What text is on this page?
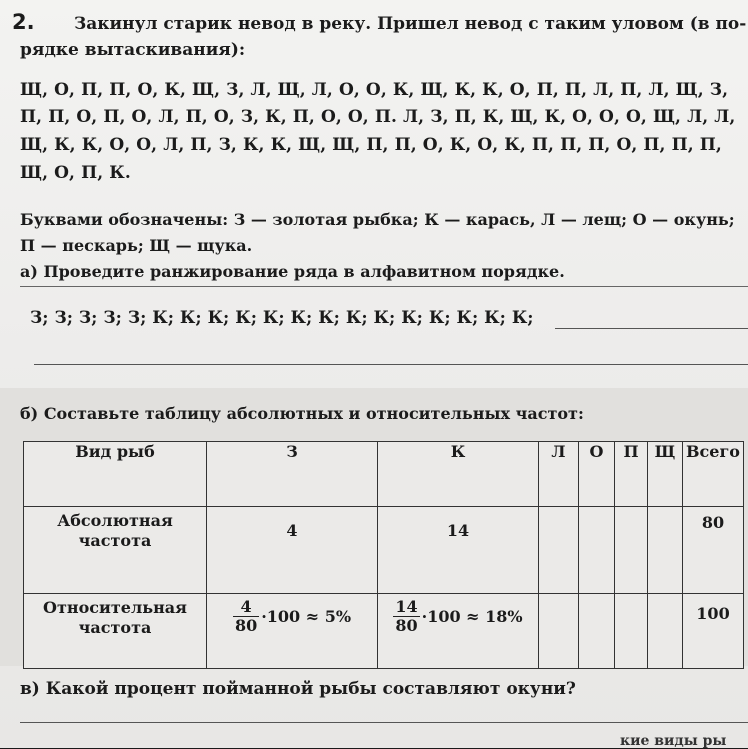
2. Закинул старик невод в реку. Пришел невод с таким уловом (в по-
рядке вытаскивания):
Щ, О, П, П, О, К, Щ, З, Л, Щ, Л, О, О, К, Щ, К, К, О, П, П, Л, П, Л, Щ, З,
П, П, О, П, О, Л, П, О, З, К, П, О, О, П. Л, З, П, К, Щ, К, О, О, О, Щ, Л, Л,
Щ, К, К, О, О, Л, П, З, К, К, Щ, Щ, П, П, О, К, О, К, П, П, П, О, П, П, П,
Щ, О, П, К.
Буквами обозначены: З — золотая рыбка; К — карась, Л — лещ; О — окунь;
П — пескарь; Щ — щука.
а) Проведите ранжирование ряда в алфавитном порядке.
З; З; З; З; З; К; К; К; К; К; К; К; К; К; К; К; К; К; К;
б) Составьте таблицу абсолютных и относительных частот:
Вид рыб	З	К	Л	О	П	Щ	Всего
Абсолютная частота	4	14					80
Относительная частота	$\frac{4}{80} \cdot 100 \approx 5\%$	$\frac{14}{80} \cdot 100 \approx 18\%$					100
в) Какой процент пойманной рыбы составляют окуни?
кие виды ры
